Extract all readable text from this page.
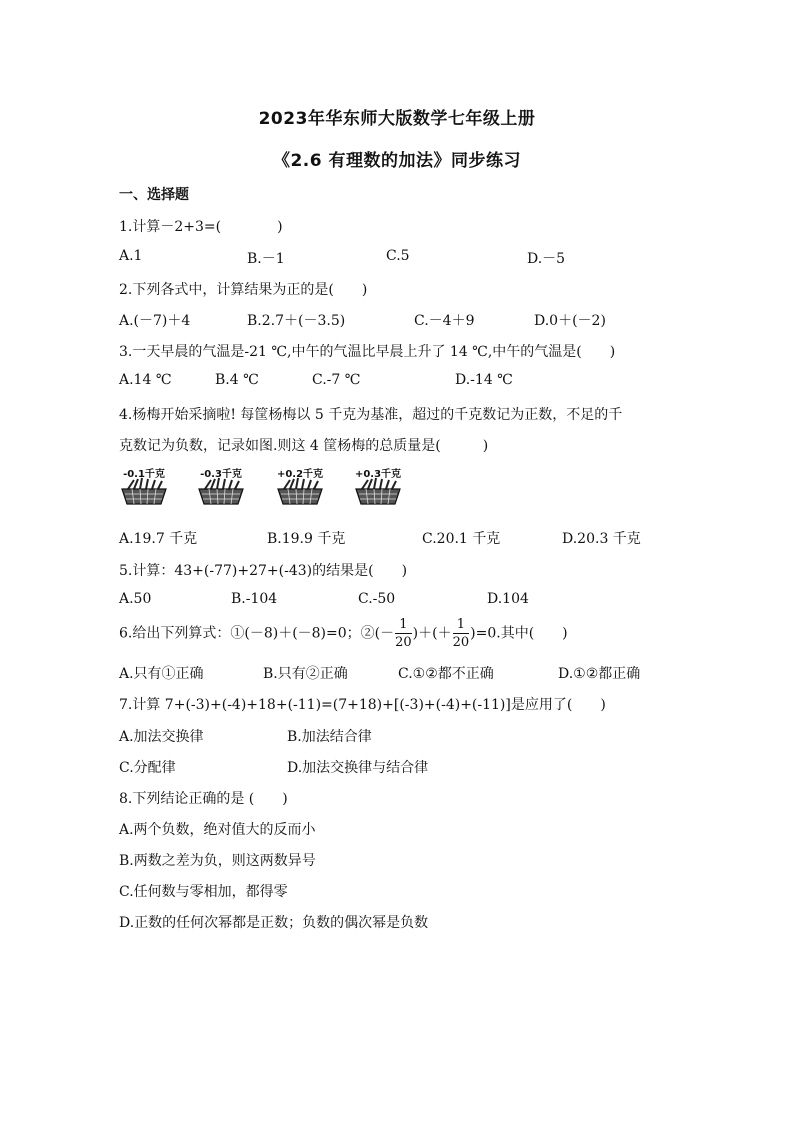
2023年华东师大版数学七年级上册
《2.6 有理数的加法》同步练习
一、选择题
1.计算－2+3=(　　　　)
A.1	B.－1	C.5	D.－5
2.下列各式中，计算结果为正的是(　　)
A.(－7)＋4	B.2.7＋(－3.5)	C.－4＋9	D.0＋(－2)
3.一天早晨的气温是-21 ℃,中午的气温比早晨上升了 14 ℃,中午的气温是(　　)
A.14 ℃	B.4 ℃	C.-7 ℃	D.-14 ℃
4.杨梅开始采摘啦! 每筐杨梅以 5 千克为基准，超过的千克数记为正数，不足的千
克数记为负数，记录如图.则这 4 筐杨梅的总质量是(　　　)
-0.1千克	-0.3千克	+0.2千克	+0.3千克
A.19.7 千克	B.19.9 千克	C.20.1 千克	D.20.3 千克
5.计算：43+(-77)+27+(-43)的结果是(　　)
A.50	B.-104	C.-50	D.104
6.给出下列算式：①(－8)＋(－8)=0；②(－ $\frac{1}{20}$ )＋(＋ $\frac{1}{20} )=0$.其中(　　)
A.只有①正确	B.只有②正确	C.①②都不正确	D.①②都正确
7.计算 7+(-3)+(-4)+18+(-11)=(7+18)+[(-3)+(-4)+(-11)]是应用了(　　)
A.加法交换律	B.加法结合律
C.分配律	D.加法交换律与结合律
8.下列结论正确的是 (　　)
A.两个负数，绝对值大的反而小
B.两数之差为负，则这两数异号
C.任何数与零相加，都得零
D.正数的任何次幂都是正数；负数的偶次幂是负数
